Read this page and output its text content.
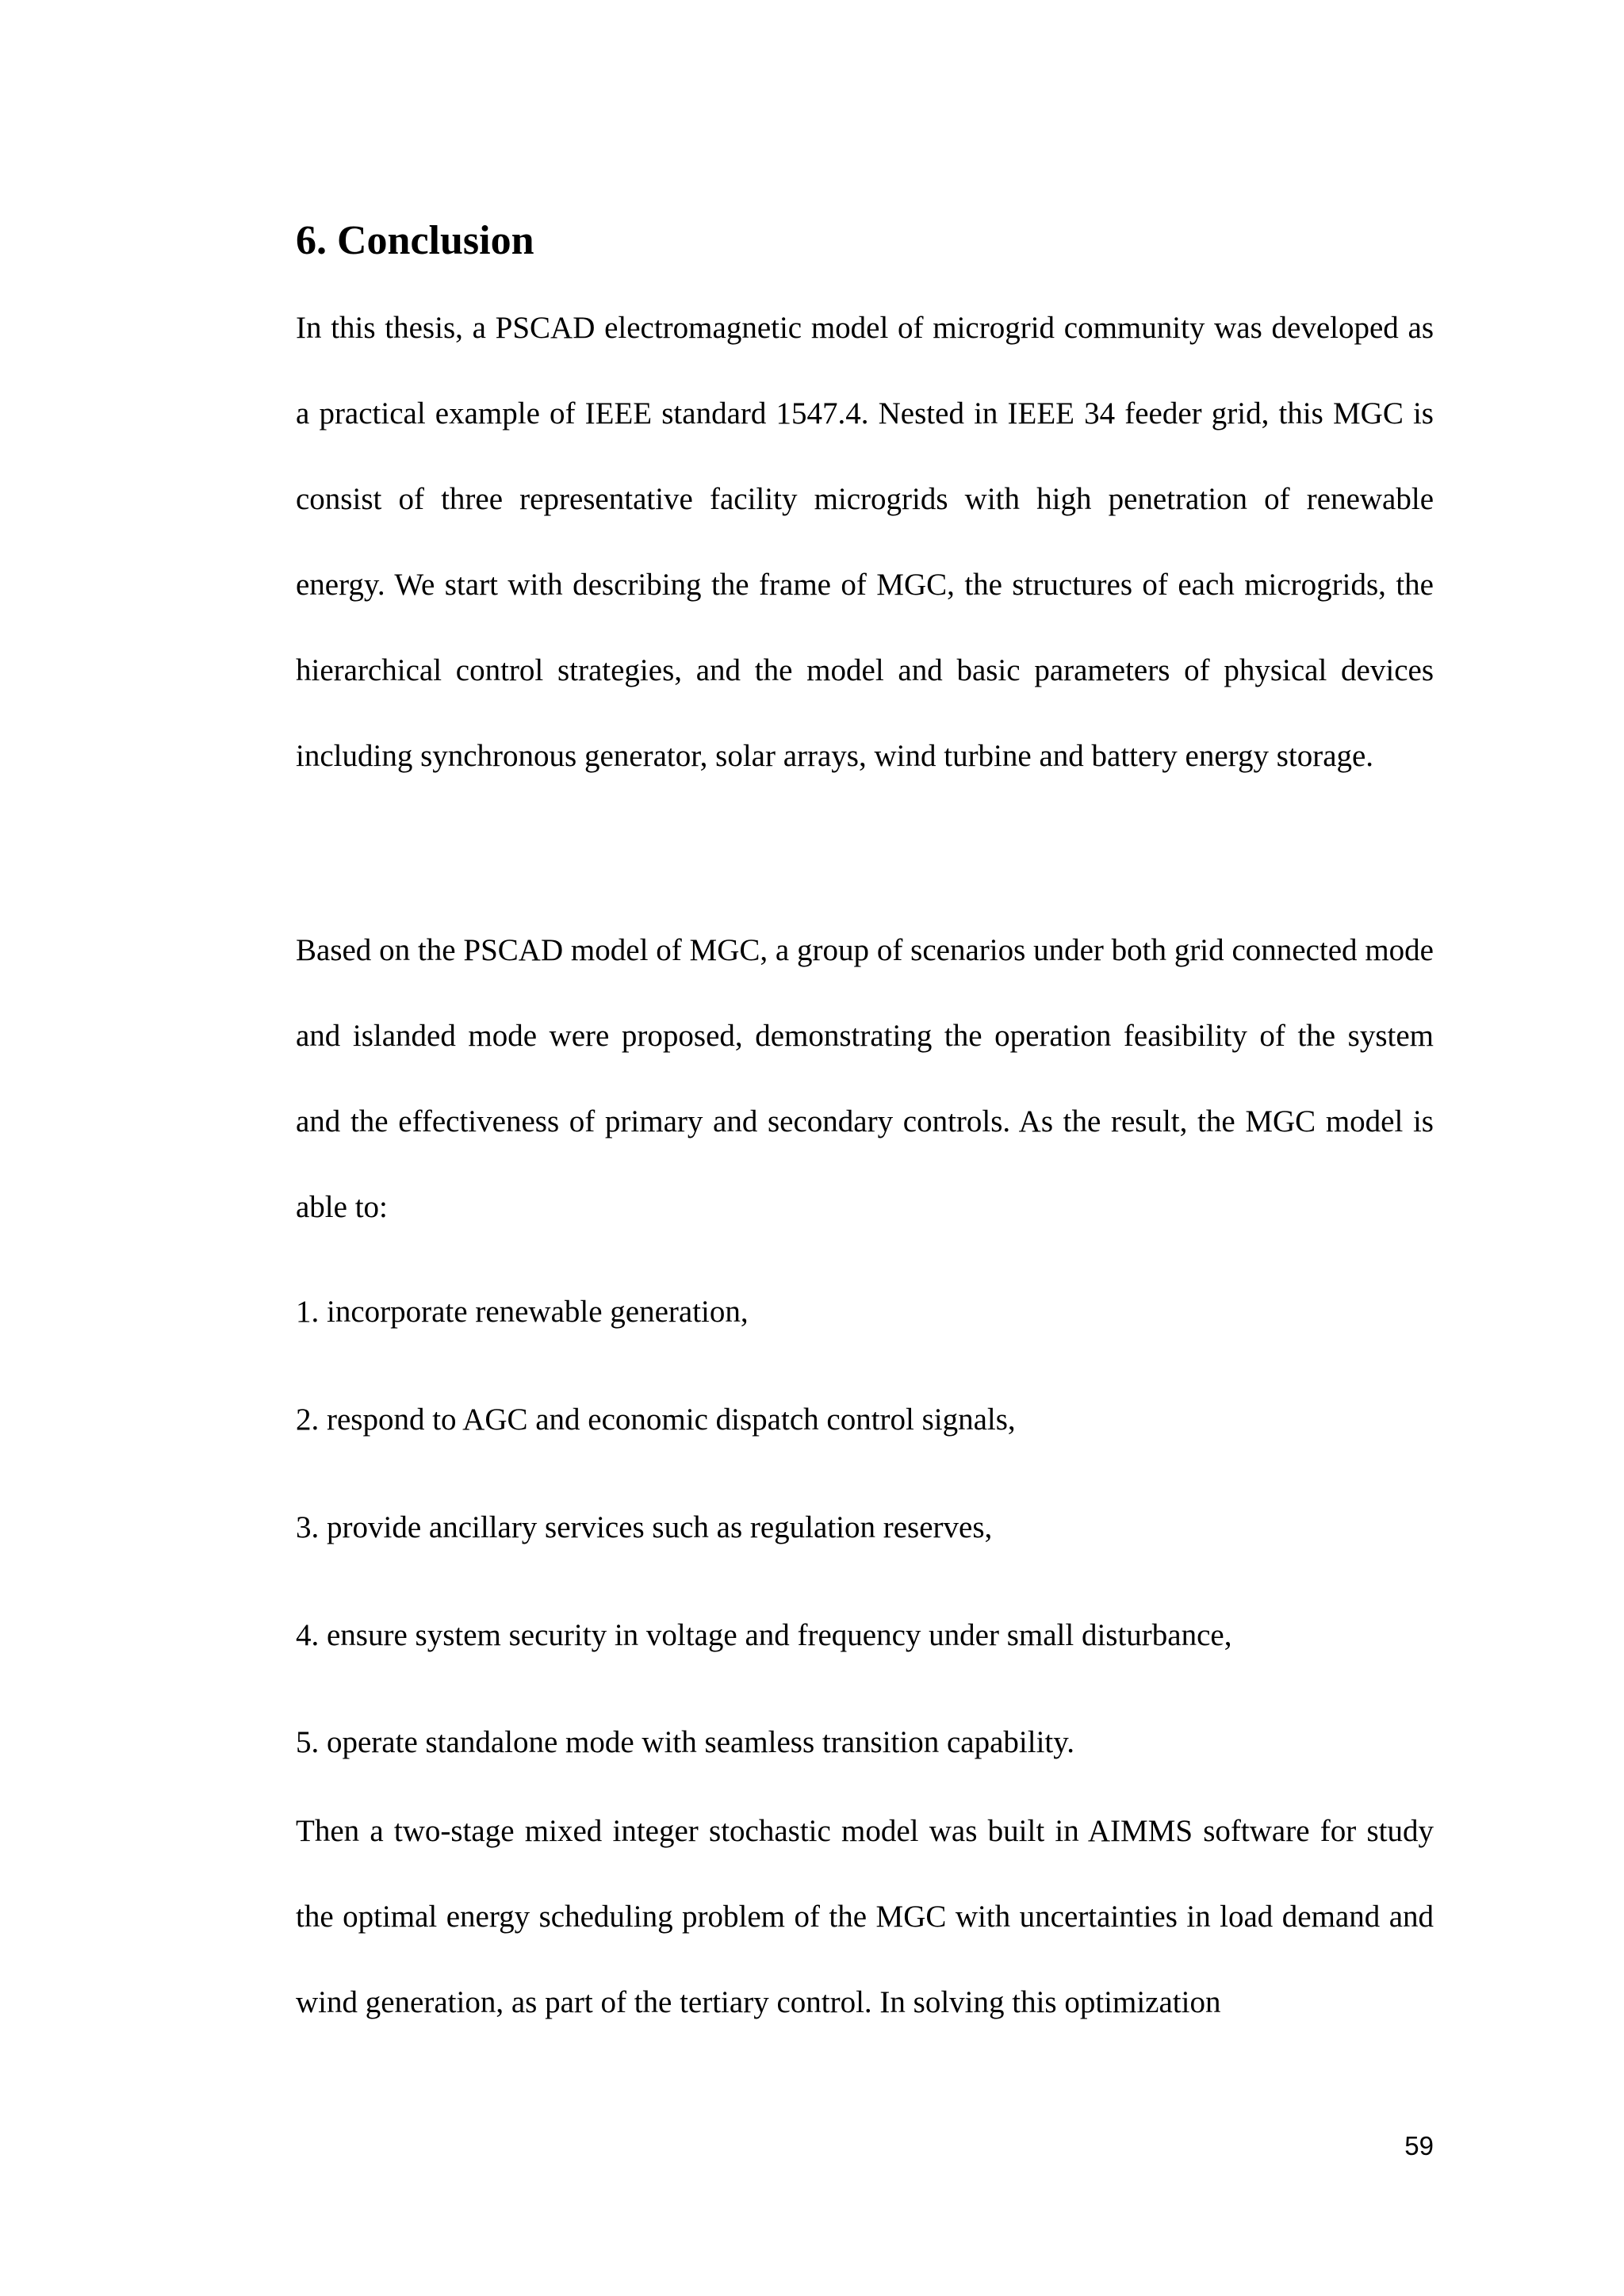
6. Conclusion

In this thesis, a PSCAD electromagnetic model of microgrid community was developed as a practical example of IEEE standard 1547.4. Nested in IEEE 34 feeder grid, this MGC is consist of three representative facility microgrids with high penetration of renewable energy. We start with describing the frame of MGC, the structures of each microgrids, the hierarchical control strategies, and the model and basic parameters of physical devices including synchronous generator, solar arrays, wind turbine and battery energy storage.

Based on the PSCAD model of MGC, a group of scenarios under both grid connected mode and islanded mode were proposed, demonstrating the operation feasibility of the system and the effectiveness of primary and secondary controls. As the result, the MGC model is able to:

1. incorporate renewable generation,

2. respond to AGC and economic dispatch control signals,

3. provide ancillary services such as regulation reserves,

4. ensure system security in voltage and frequency under small disturbance,

5. operate standalone mode with seamless transition capability.

Then a two-stage mixed integer stochastic model was built in AIMMS software for study the optimal energy scheduling problem of the MGC with uncertainties in load demand and wind generation, as part of the tertiary control. In solving this optimization

59
